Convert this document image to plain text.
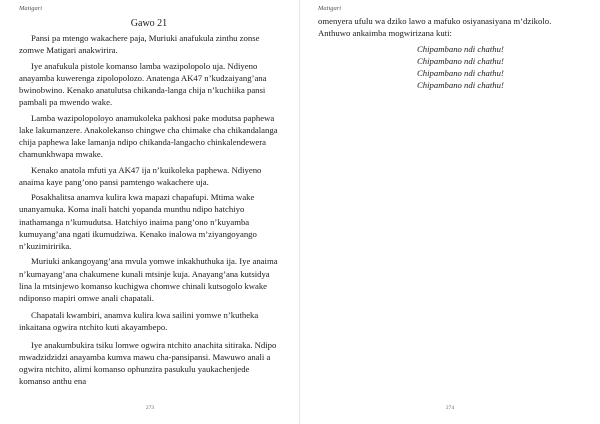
Matigari
Gawo 21

Pansi pa mtengo wakachere paja, Muriuki anafukula zinthu zonse zomwe Matigari anakwirira.

Iye anafukula pistole komanso lamba wazipolopolo uja. Ndiyeno anayamba kuwerenga zipolopolozo. Anatenga AK47 n’kudzaiyang’ana bwinobwino. Kenako anatulutsa chikanda-langa chija n’kuchiika pansi pambali pa mwendo wake.

Lamba wazipolopoloyo anamukoleka pakhosi pake modutsa paphewa lake lakumanzere. Anakolekanso chingwe cha chimake cha chikandalanga chija paphewa lake lamanja ndipo chikanda-langacho chinkalendewera chamunkhwapa mwake.

Kenako anatola mfuti ya AK47 ija n’kuikoleka paphewa. Ndiyeno anaima kaye pang’ono pansi pamtengo wakachere uja.

Posakhalitsa anamva kulira kwa mapazi chapafupi. Mtima wake unanyamuka. Koma inali hatchi yopanda munthu ndipo hatchiyo inathamanga n’kumudutsa. Hatchiyo inaima pang’ono n’kuyamba kumuyang’ana ngati ikumudziwa. Kenako inalowa m’ziyangoyango n’kuzimiririka.

Muriuki ankangoyang’ana mvula yomwe inkakhuthuka ija. Iye anaima n’kumayang’ana chakumene kunali mtsinje kuja. Anayang’ana kutsidya lina la mtsinjewo komanso kuchigwa chomwe chinali kutsogolo kwake ndiponso mapiri omwe anali chapatali.

Chapatali kwambiri, anamva kulira kwa sailini yomwe n’kutheka inkaitana ogwira ntchito kuti akayambepo.

Iye anakumbukira tsiku lomwe ogwira ntchito anachita sitiraka. Ndipo mwadzidzidzi anayamba kumva mawu cha-pansipansi. Mawuwo anali a ogwira ntchito, alimi komanso ophunzira pasukulu yaukachenjede komanso anthu ena

273
Matigari

omenyera ufulu wa dziko lawo a mafuko osiyanasiyana m’dzikolo. Anthuwo ankaimba mogwirizana kuti:

Chipambano ndi chathu!
Chipambano ndi chathu!
Chipambano ndi chathu!
Chipambano ndi chathu!
274
